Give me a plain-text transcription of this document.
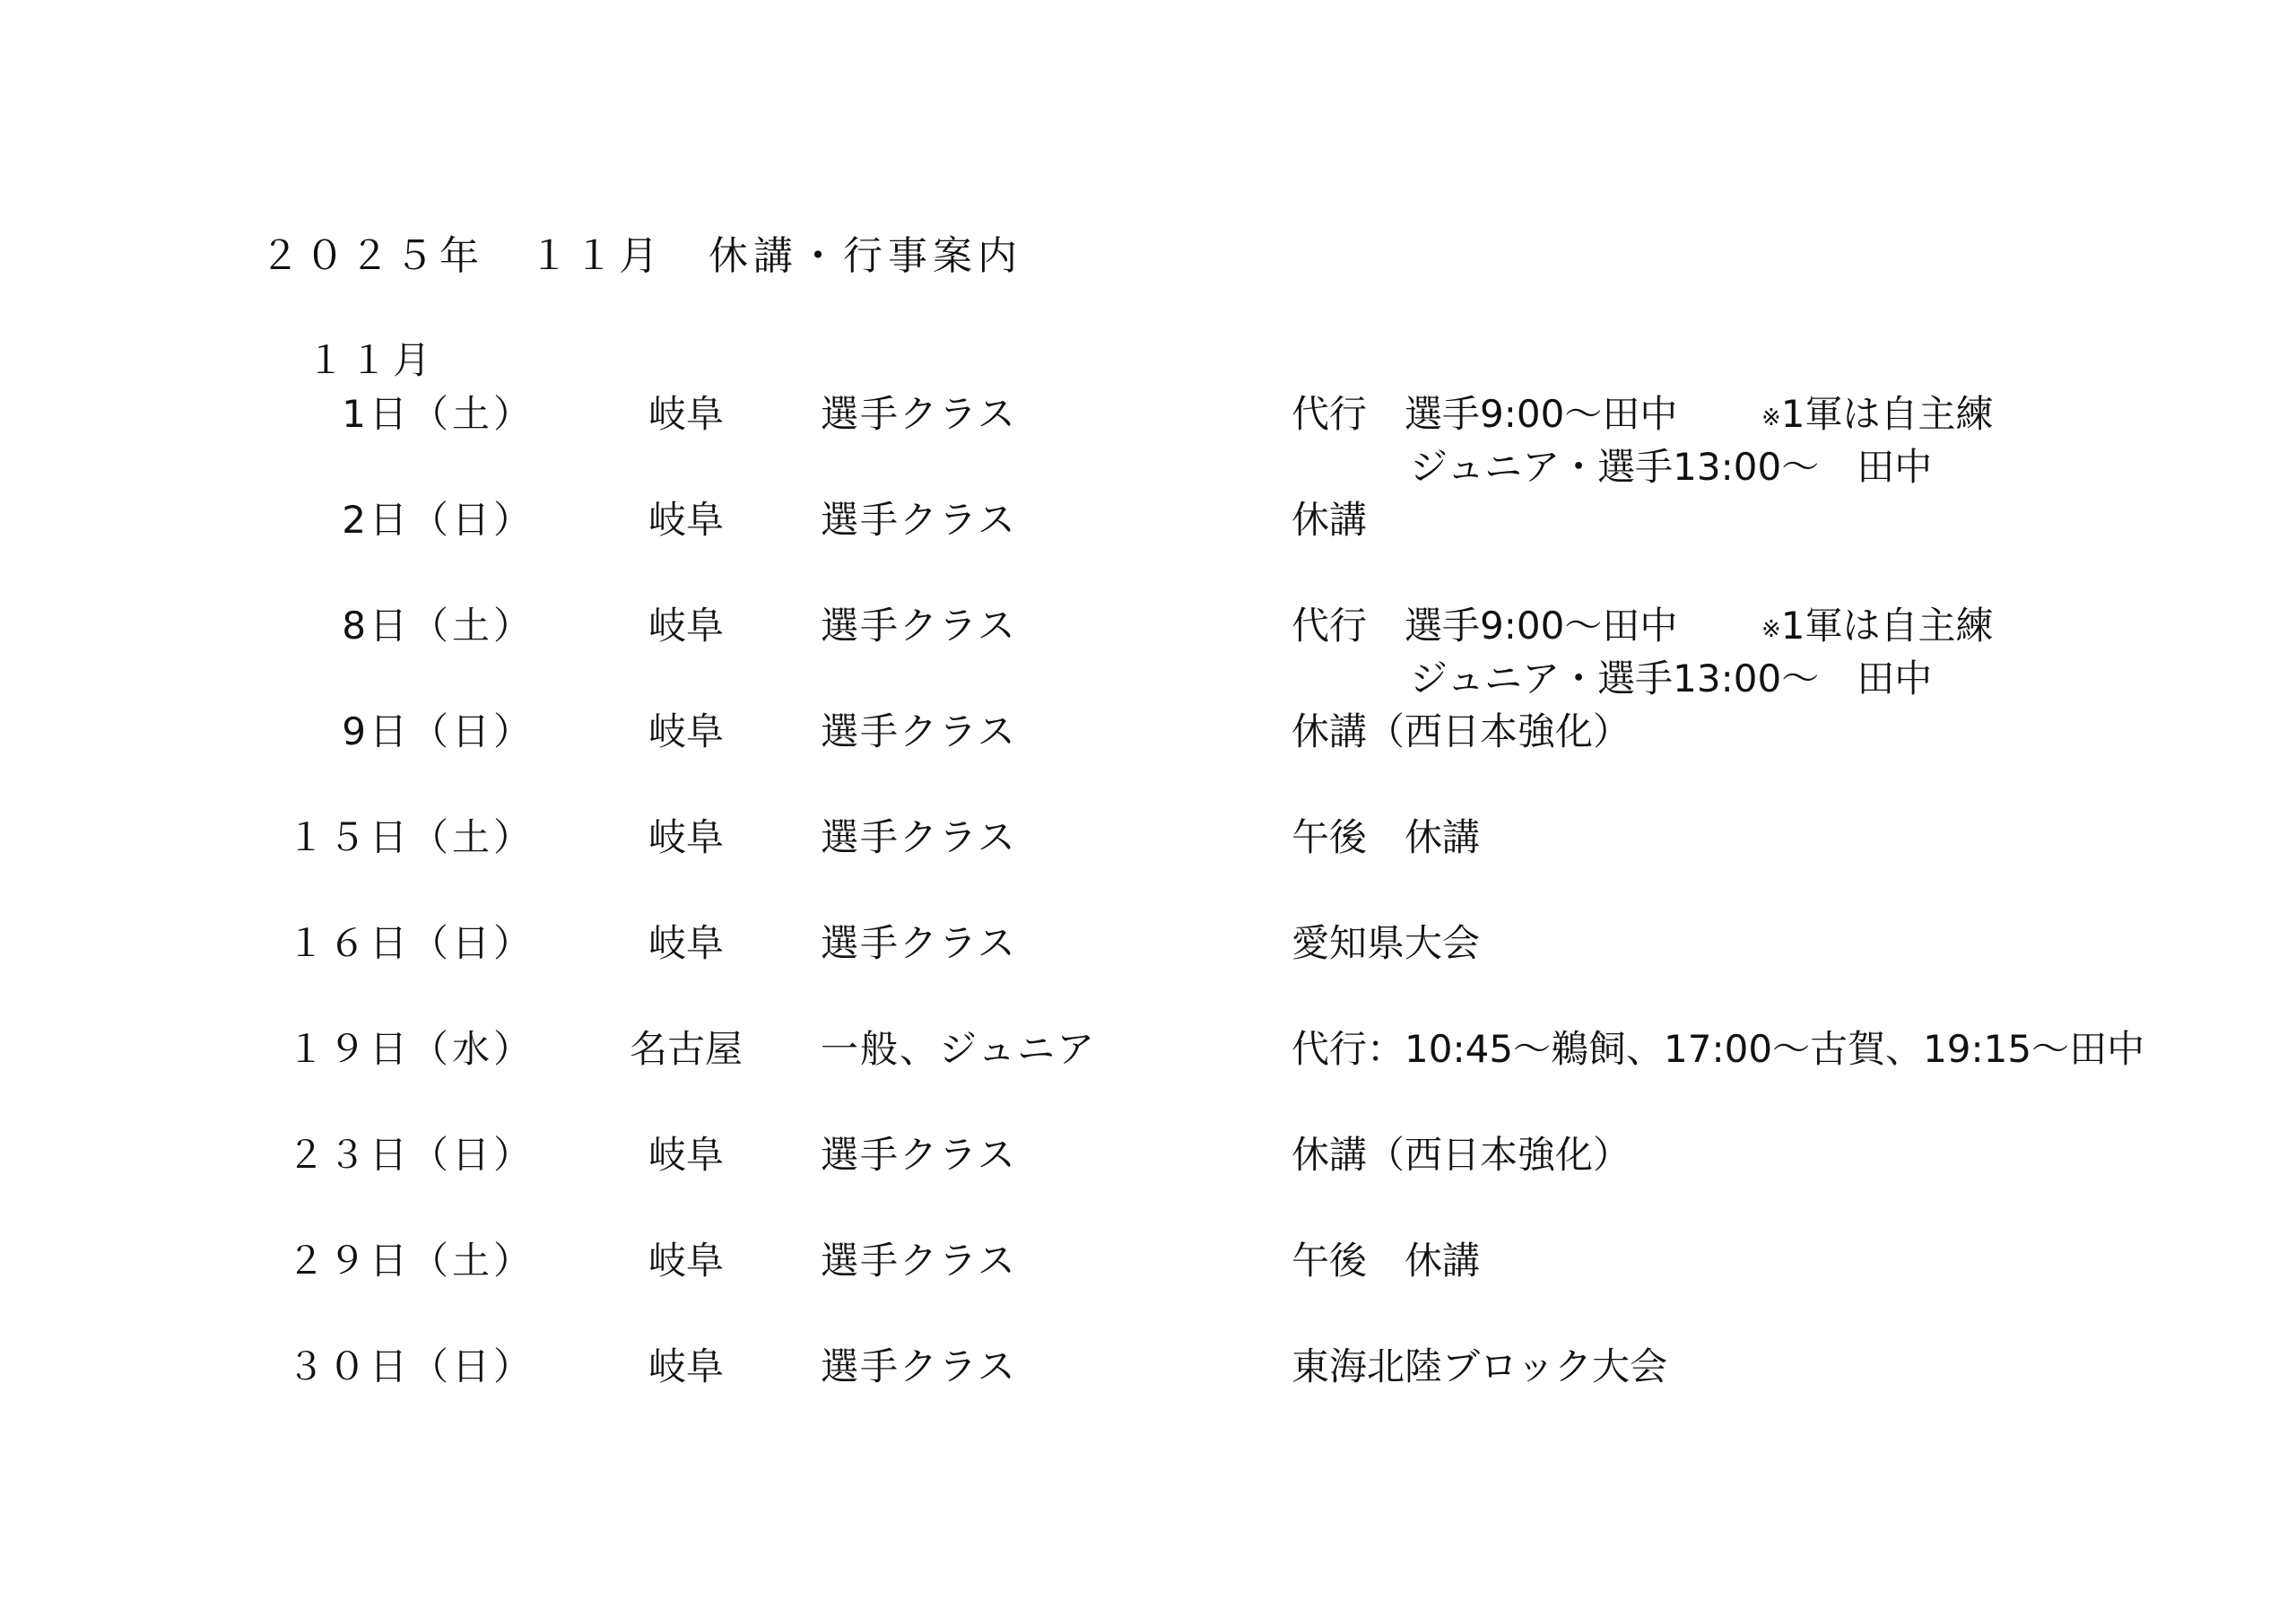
２０２５年　１１月　休講・行事案内
１１月
1日（土）	岐阜	選手クラス	代行　選手9:00〜田中	※1軍は自主練
ジュニア・選手13:00〜　田中
2日（日）	岐阜	選手クラス	休講
8日（土）	岐阜	選手クラス	代行　選手9:00〜田中	※1軍は自主練
ジュニア・選手13:00〜　田中
9日（日）	岐阜	選手クラス	休講（西日本強化）
１５日（土）	岐阜	選手クラス	午後　休講
１６日（日）	岐阜	選手クラス	愛知県大会
１９日（水）	名古屋 一般、ジュニア	代行：10:45〜鵜飼、17:00〜古賀、19:15〜田中
２３日（日）	岐阜	選手クラス	休講（西日本強化）
２９日（土）	岐阜	選手クラス	午後　休講
３０日（日）	岐阜	選手クラス	東海北陸ブロック大会
